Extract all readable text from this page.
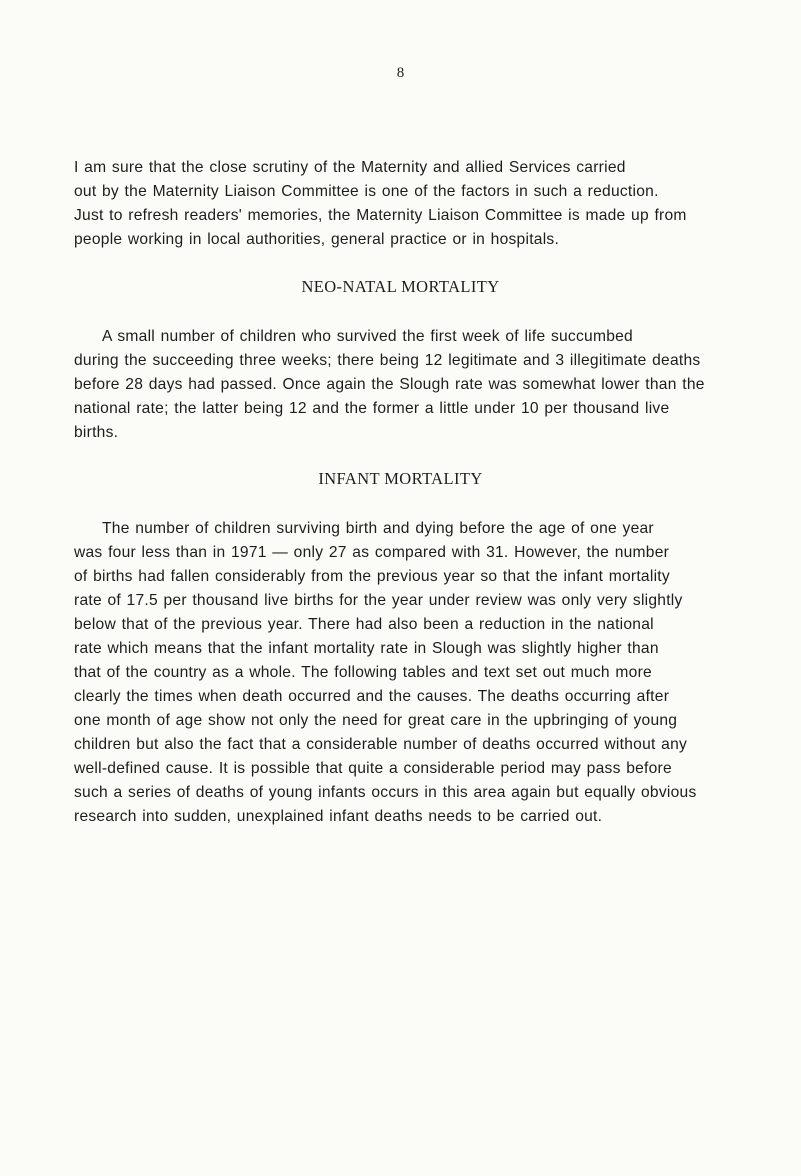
8

I am sure that the close scrutiny of the Maternity and allied Services carried
out by the Maternity Liaison Committee is one of the factors in such a reduction.
Just to refresh readers' memories, the Maternity Liaison Committee is made up from
people working in local authorities, general practice or in hospitals.

NEO-NATAL MORTALITY

A small number of children who survived the first week of life succumbed
during the succeeding three weeks; there being 12 legitimate and 3 illegitimate deaths
before 28 days had passed. Once again the Slough rate was somewhat lower than the
national rate; the latter being 12 and the former a little under 10 per thousand live
births.

INFANT MORTALITY

The number of children surviving birth and dying before the age of one year
was four less than in 1971 — only 27 as compared with 31. However, the number
of births had fallen considerably from the previous year so that the infant mortality
rate of 17.5 per thousand live births for the year under review was only very slightly
below that of the previous year. There had also been a reduction in the national
rate which means that the infant mortality rate in Slough was slightly higher than
that of the country as a whole. The following tables and text set out much more
clearly the times when death occurred and the causes. The deaths occurring after
one month of age show not only the need for great care in the upbringing of young
children but also the fact that a considerable number of deaths occurred without any
well-defined cause. It is possible that quite a considerable period may pass before
such a series of deaths of young infants occurs in this area again but equally obvious
research into sudden, unexplained infant deaths needs to be carried out.
